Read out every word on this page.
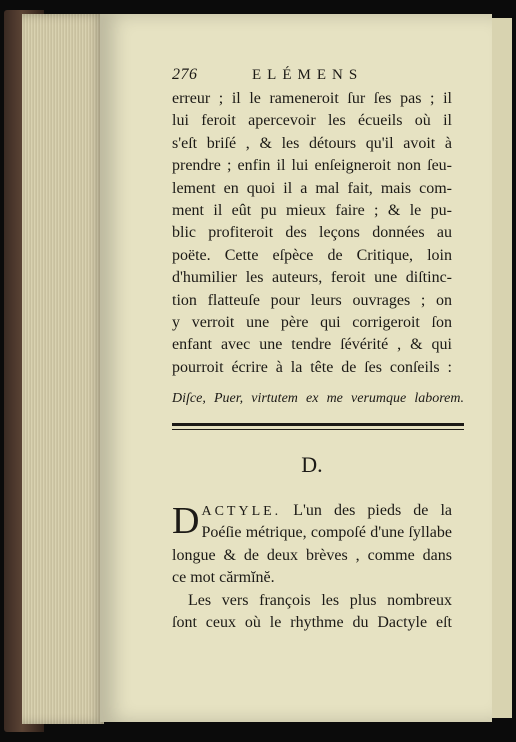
276	ELÉMENS
erreur ; il le rameneroit ſur ſes pas ; il
lui feroit apercevoir les écueils où il
s'eſt briſé , & les détours qu'il avoit à
prendre ; enfin il lui enſeigneroit non ſeu-
lement en quoi il a mal fait, mais com-
ment il eût pu mieux faire ; & le pu-
blic profiteroit des leçons données au
poëte. Cette eſpèce de Critique, loin
d'humilier les auteurs, feroit une diſtinc-
tion flatteuſe pour leurs ouvrages ; on
y verroit une père qui corrigeroit ſon
enfant avec une tendre ſévérité , & qui
pourroit écrire à la tête de ſes conſeils :
Diſce, Puer, virtutem ex me verumque laborem.
D.
D ACTYLE. L'un des pieds de la
Poéſie métrique, compoſé d'une ſyllabe
longue & de deux brèves , comme dans
ce mot cărmĭnĕ.
Les vers françois les plus nombreux
ſont ceux où le rhythme du Dactyle eſt
